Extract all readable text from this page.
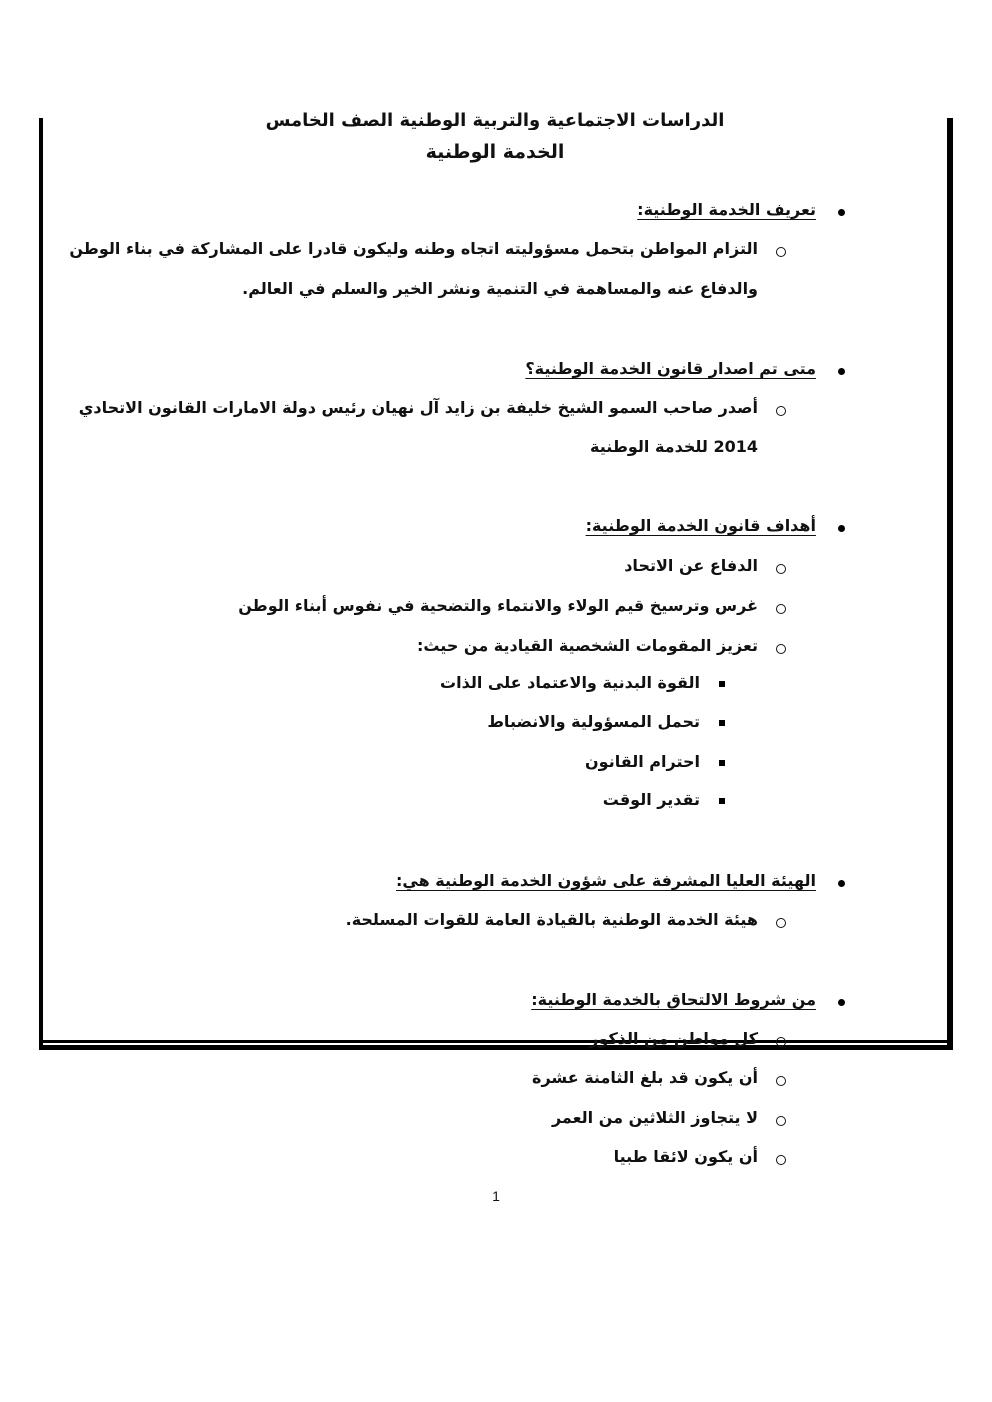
الدراسات الاجتماعية والتربية الوطنية الصف الخامس
الخدمة الوطنية
تعريف الخدمة الوطنية:
التزام المواطن بتحمل مسؤوليته اتجاه وطنه وليكون قادرا على المشاركة في بناء الوطن
والدفاع عنه والمساهمة في التنمية ونشر الخير والسلم في العالم.
متى تم اصدار قانون الخدمة الوطنية؟
أصدر صاحب السمو الشيخ خليفة بن زايد آل نهيان رئيس دولة الامارات القانون الاتحادي
2014 للخدمة الوطنية
أهداف قانون الخدمة الوطنية:
الدفاع عن الاتحاد
غرس وترسيخ قيم الولاء والانتماء والتضحية في نفوس أبناء الوطن
تعزيز المقومات الشخصية القيادية من حيث:
القوة البدنية والاعتماد على الذات
تحمل المسؤولية والانضباط
احترام القانون
تقدير الوقت
الهيئة العليا المشرفة على شؤون الخدمة الوطنية هي:
هيئة الخدمة الوطنية بالقيادة العامة للقوات المسلحة.
من شروط الالتحاق بالخدمة الوطنية:
كل مواطن من الذكور
أن يكون قد بلغ الثامنة عشرة
لا يتجاوز الثلاثين من العمر
أن يكون لائقا طبيا
1
